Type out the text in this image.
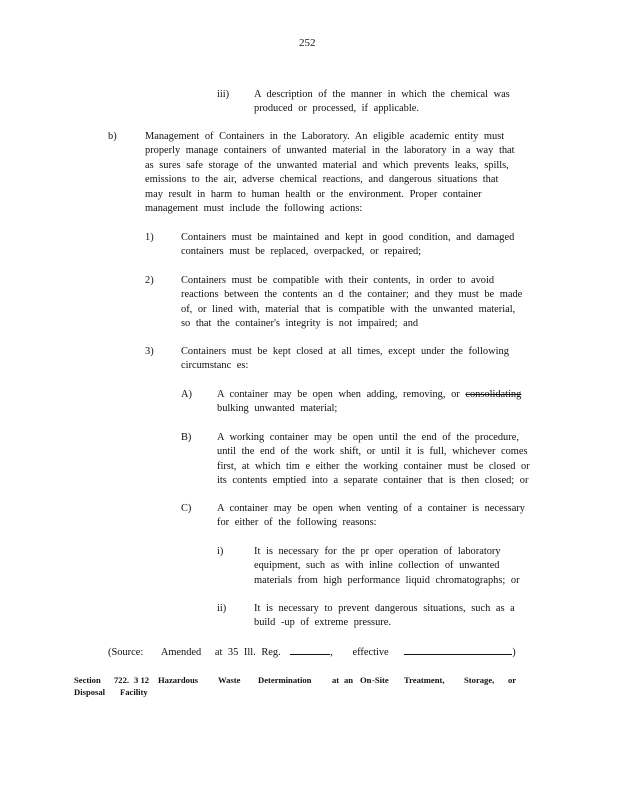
252
iii) A description of the manner in which the chemical was
produced or processed, if applicable.
b)	Management of Containers in the Laboratory. An eligible academic entity must
properly manage containers of unwanted material in the laboratory in a way that
as sures safe storage of the unwanted material and which prevents leaks, spills,
emissions to the air, adverse chemical reactions, and dangerous situations that
may result in harm to human health or the environment. Proper container
management must include the following actions:
1)	Containers must be maintained and kept in good condition, and damaged
containers must be replaced, overpacked, or repaired;
2)	Containers must be compatible with their contents, in order to avoid
reactions between the contents an d the container; and they must be made
of, or lined with, material that is compatible with the unwanted material,
so that the container's integrity is not impaired; and
3)	Containers must be kept closed at all times, except under the following
circumstanc es:
A) A container may be open when adding, removing, or consolidating
bulking unwanted material;
B) A working container may be open until the end of the procedure,
until the end of the work shift, or until it is full, whichever comes
first, at which tim e either the working container must be closed or
its contents emptied into a separate container that is then closed; or
C) A container may be open when venting of a container is necessary
for either of the following reasons:
i)	It is necessary for the pr oper operation of laboratory
equipment, such as with inline collection of unwanted
materials from high performance liquid chromatographs; or
ii)	It is necessary to prevent dangerous situations, such as a
build -up of extreme pressure.
(Source: Amended at 35 Ill. Reg.	, effective	)
Section 722. 3 12 Hazardous Waste Determination at an On -Site Treatment, Storage, or
Disposal Facility
